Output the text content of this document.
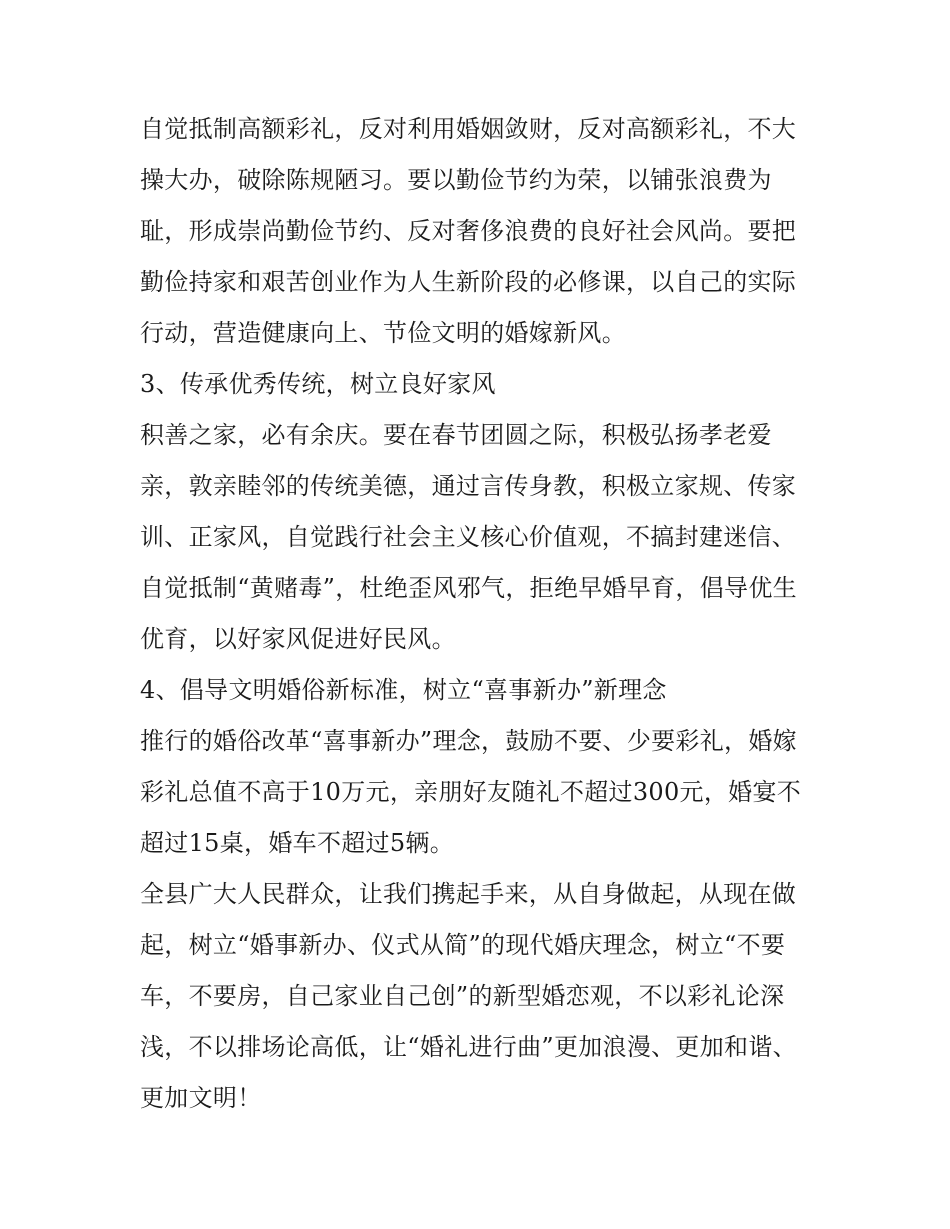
自觉抵制高额彩礼，反对利用婚姻敛财，反对高额彩礼，不大操大办，破除陈规陋习。要以勤俭节约为荣，以铺张浪费为耻，形成崇尚勤俭节约、反对奢侈浪费的良好社会风尚。要把勤俭持家和艰苦创业作为人生新阶段的必修课，以自己的实际行动，营造健康向上、节俭文明的婚嫁新风。

3、传承优秀传统，树立良好家风

积善之家，必有余庆。要在春节团圆之际，积极弘扬孝老爱亲，敦亲睦邻的传统美德，通过言传身教，积极立家规、传家训、正家风，自觉践行社会主义核心价值观，不搞封建迷信、自觉抵制“黄赌毒”，杜绝歪风邪气，拒绝早婚早育，倡导优生优育，以好家风促进好民风。

4、倡导文明婚俗新标准，树立“喜事新办”新理念

推行的婚俗改革“喜事新办”理念，鼓励不要、少要彩礼，婚嫁彩礼总值不高于10万元，亲朋好友随礼不超过300元，婚宴不超过15桌，婚车不超过5辆。

全县广大人民群众，让我们携起手来，从自身做起，从现在做起，树立“婚事新办、仪式从简”的现代婚庆理念，树立“不要车，不要房，自己家业自己创”的新型婚恋观，不以彩礼论深浅，不以排场论高低，让“婚礼进行曲”更加浪漫、更加和谐、更加文明！
